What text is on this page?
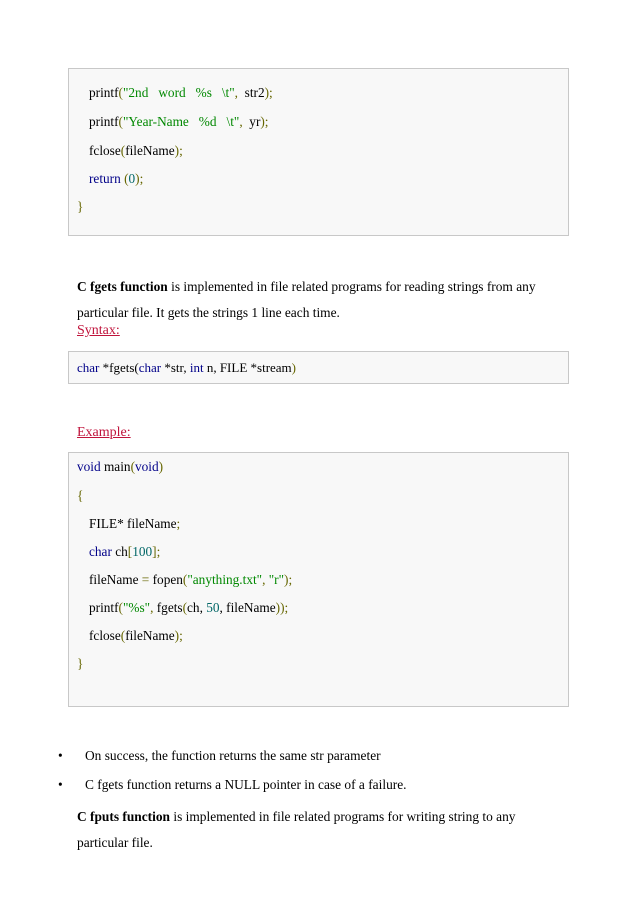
printf("2nd   word   %s   \t",  str2);
printf("Year-Name   %d   \t",  yr);
fclose(fileName);
return (0);
}
C fgets function is implemented in file related programs for reading strings from any particular file. It gets the strings 1 line each time.
Syntax:
char *fgets(char *str, int n, FILE *stream)
Example:
void main(void)
{
FILE* fileName;
char ch[100];
fileName = fopen("anything.txt", "r");
printf("%s", fgets(ch, 50, fileName));
fclose(fileName);
}
• On success, the function returns the same str parameter
• C fgets function returns a NULL pointer in case of a failure.
C fputs function is implemented in file related programs for writing string to any particular file.
